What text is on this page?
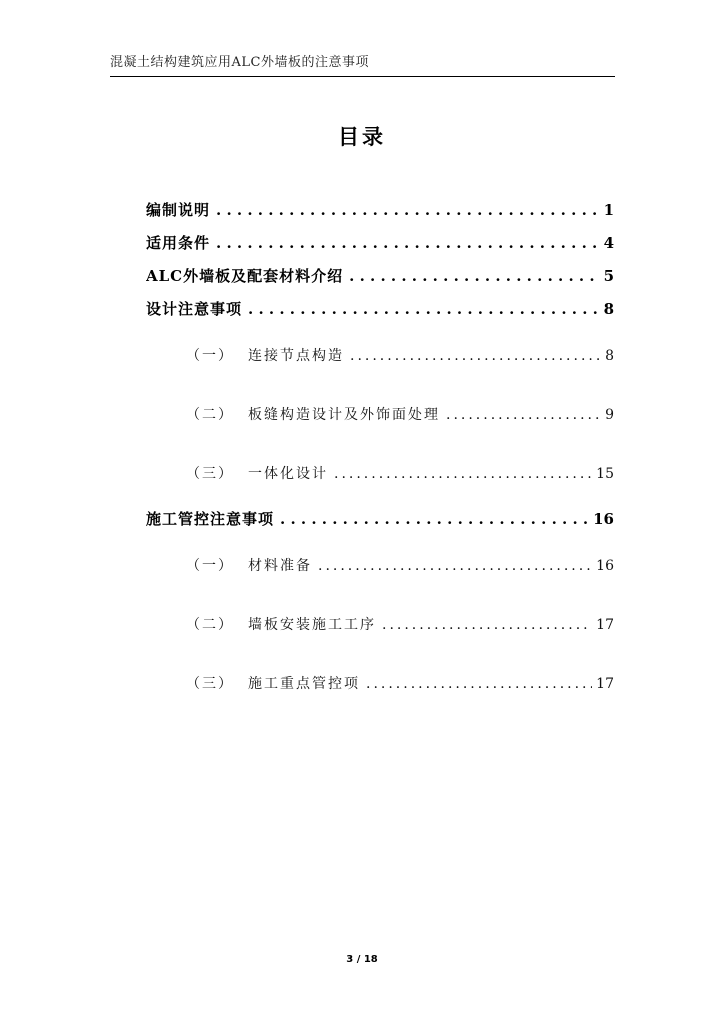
混凝土结构建筑应用ALC外墙板的注意事项
目录
编制说明 . . .	1
适用条件 . . .	4
ALC外墙板及配套材料介绍 . . .	5
设计注意事项 . . .	8
（一） 连接节点构造 .....	8
（二） 板缝构造设计及外饰面处理 .....	9
（三） 一体化设计 .....	15
施工管控注意事项 . . .	16
（一） 材料准备 .....	16
（二） 墙板安装施工工序 .....	17
（三） 施工重点管控项 .....	17
3 / 18
